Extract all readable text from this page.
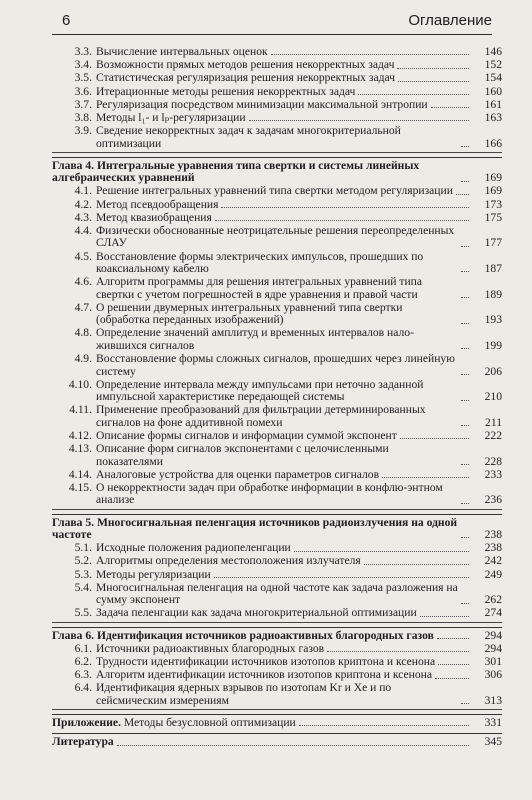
6	Оглавление
3.3. Вычисление интервальных оценок	146
3.4. Возможности прямых методов решения некорректных задач	152
3.5. Статистическая регуляризация решения некорректных задач	154
3.6. Итерационные методы решения некорректных задач	160
3.7. Регуляризация посредством минимизации максимальной энтропии	161
3.8. Методы l₁- и lₚ-регуляризации	163
3.9. Сведение некорректных задач к задачам многокритериальной оптимизации	166
Глава 4. Интегральные уравнения типа свертки и системы линейных алгебраических уравнений	169
4.1. Решение интегральных уравнений типа свертки методом регуляризации	169
4.2. Метод псевдообращения	173
4.3. Метод квазиобращения	175
4.4. Физически обоснованные неотрицательные решения переопределенных СЛАУ	177
4.5. Восстановление формы электрических импульсов, прошедших по коаксиальному кабелю	187
4.6. Алгоритм программы для решения интегральных уравнений типа свертки с учетом погрешностей в ядре уравнения и правой части	189
4.7. О решении двумерных интегральных уравнений типа свертки (обработка переданных изображений)	193
4.8. Определение значений амплитуд и временных интервалов нало-жившихся сигналов	199
4.9. Восстановление формы сложных сигналов, прошедших через линейную систему	206
4.10. Определение интервала между импульсами при неточно заданной импульсной характеристике передающей системы	210
4.11. Применение преобразований для фильтрации детерминированных сигналов на фоне аддитивной помехи	211
4.12. Описание формы сигналов и информации суммой экспонент	222
4.13. Описание форм сигналов экспонентами с целочисленными показателями	228
4.14. Аналоговые устройства для оценки параметров сигналов	233
4.15. О некорректности задач при обработке информации в конфлю-энтном анализе	236
Глава 5. Многосигнальная пеленгация источников радиоизлучения на одной частоте	238
5.1. Исходные положения радиопеленгации	238
5.2. Алгоритмы определения местоположения излучателя	242
5.3. Методы регуляризации	249
5.4. Многосигнальная пеленгация на одной частоте как задача разложения на сумму экспонент	262
5.5. Задача пеленгации как задача многокритериальной оптимизации	274
Глава 6. Идентификация источников радиоактивных благородных газов	294
6.1. Источники радиоактивных благородных газов	294
6.2. Трудности идентификации источников изотопов криптона и ксенона	301
6.3. Алгоритм идентификации источников изотопов криптона и ксенона	306
6.4. Идентификация ядерных взрывов по изотопам Kr и Xe и по сейсмическим измерениям	313
Приложение. Методы безусловной оптимизации	331
Литература	345
